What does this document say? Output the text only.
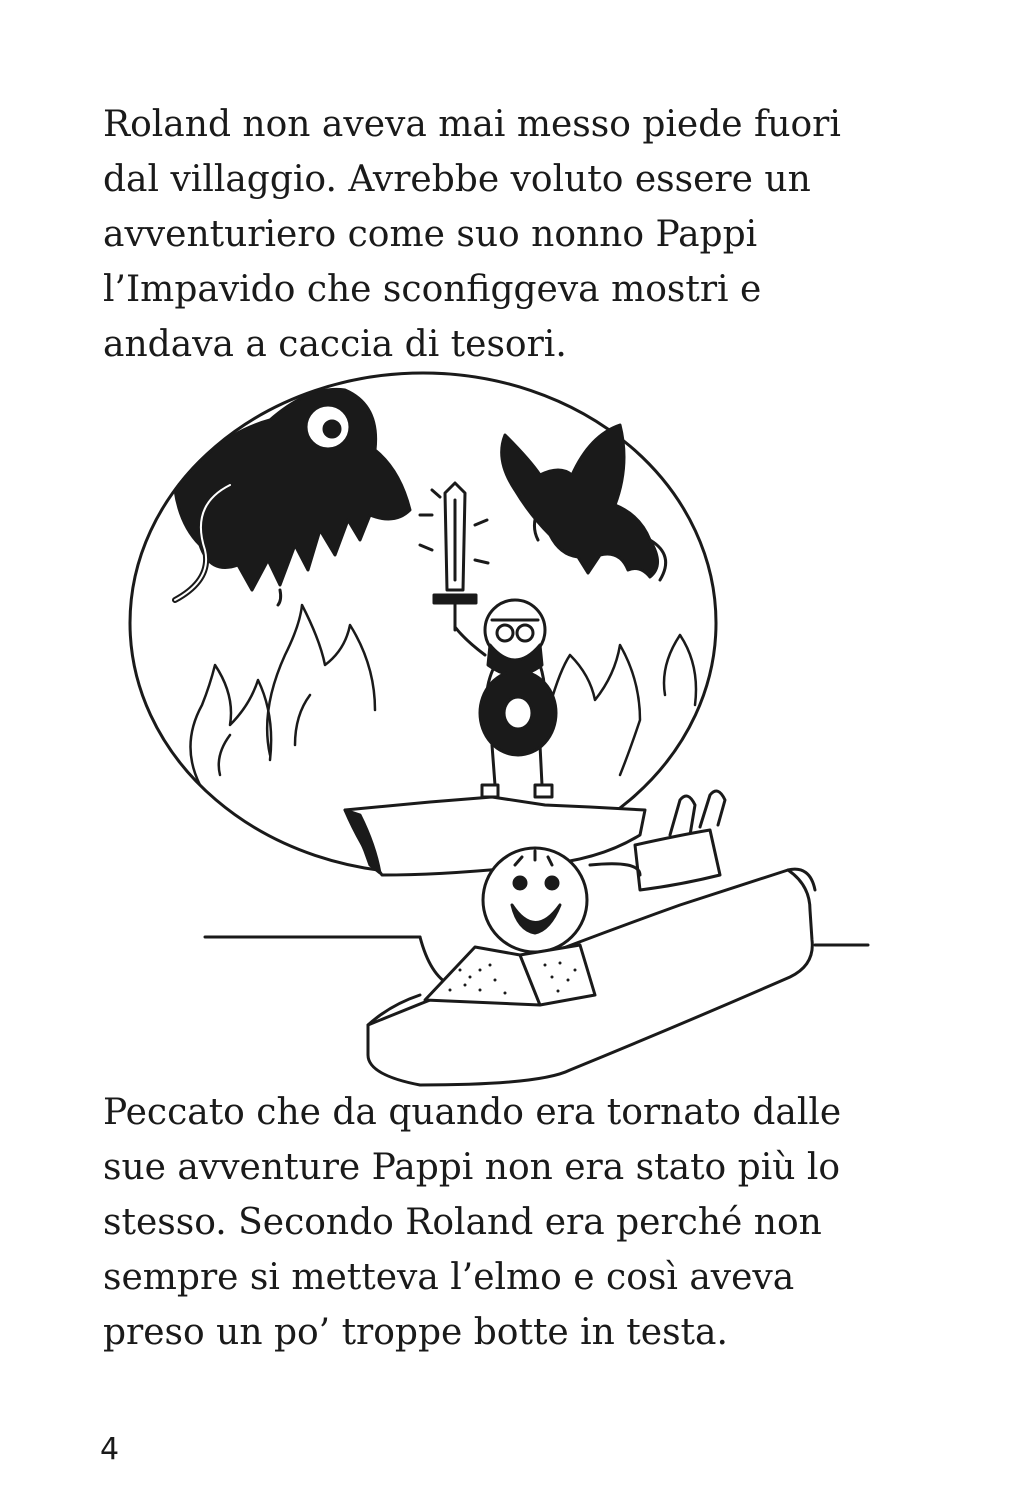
Roland non aveva mai messo piede fuori
dal villaggio. Avrebbe voluto essere un
avventuriero come suo nonno Pappi
l’Impavido che sconfiggeva mostri e
andava a caccia di tesori.

Peccato che da quando era tornato dalle
sue avventure Pappi non era stato più lo
stesso. Secondo Roland era perché non
sempre si metteva l’elmo e così aveva
preso un po’ troppe botte in testa.

4
